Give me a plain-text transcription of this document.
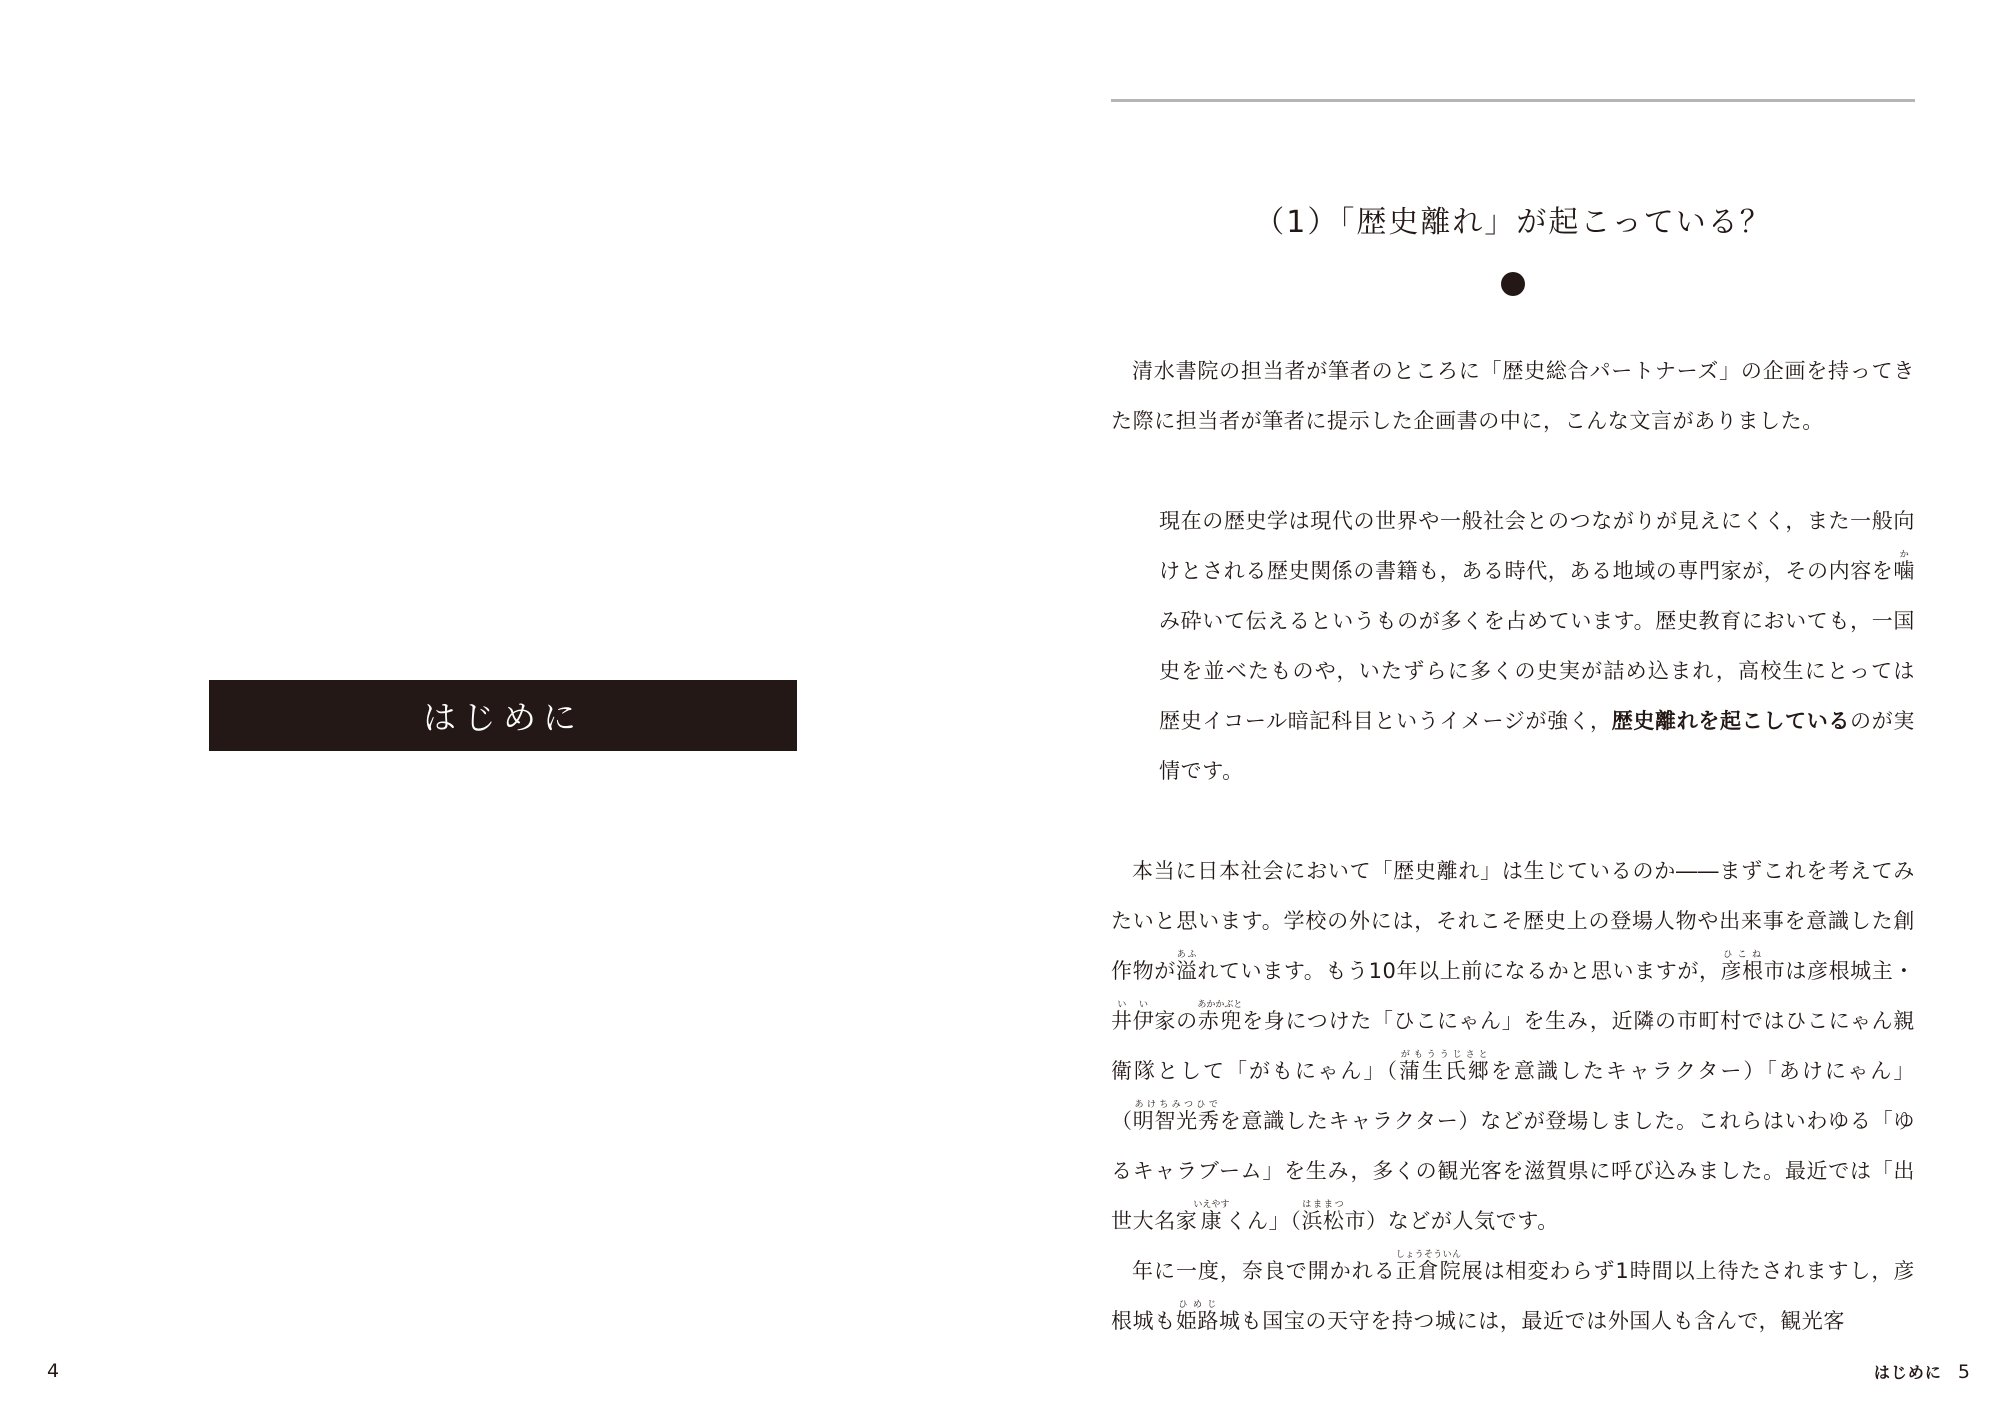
はじめに
4
（1）「歴史離れ」が起こっている？

清水書院の担当者が筆者のところに「歴史総合パートナーズ」の企画を持ってきた際に担当者が筆者に提示した企画書の中に，こんな文言がありました。

現在の歴史学は現代の世界や一般社会とのつながりが見えにくく，また一般向けとされる歴史関係の書籍も，ある時代，ある地域の専門家が，その内容を噛かみ砕いて伝えるというものが多くを占めています。歴史教育においても，一国史を並べたものや，いたずらに多くの史実が詰め込まれ，高校生にとっては歴史イコール暗記科目というイメージが強く，歴史離れを起こしているのが実情です。

本当に日本社会において「歴史離れ」は生じているのか――まずこれを考えてみたいと思います。学校の外には，それこそ歴史上の登場人物や出来事を意識した創作物が溢あふれています。もう10年以上前になるかと思いますが，彦根ひこね市は彦根城主・井伊いい家の赤兜あかかぶとを身につけた「ひこにゃん」を生み，近隣の市町村ではひこにゃん親衛隊として「がもにゃん」（蒲生氏郷がもううじさとを意識したキャラクター）「あけにゃん」（明智光秀あけちみつひでを意識したキャラクター）などが登場しました。これらはいわゆる「ゆるキャラブーム」を生み，多くの観光客を滋賀県に呼び込みました。最近では「出世大名家康いえやすくん」（浜松はままつ市）などが人気です。

年に一度，奈良で開かれる正倉院しょうそういん展は相変わらず1時間以上待たされますし，彦根城も姫路ひめじ城も国宝の天守を持つ城には，最近では外国人も含んで，観光客

はじめに 5
